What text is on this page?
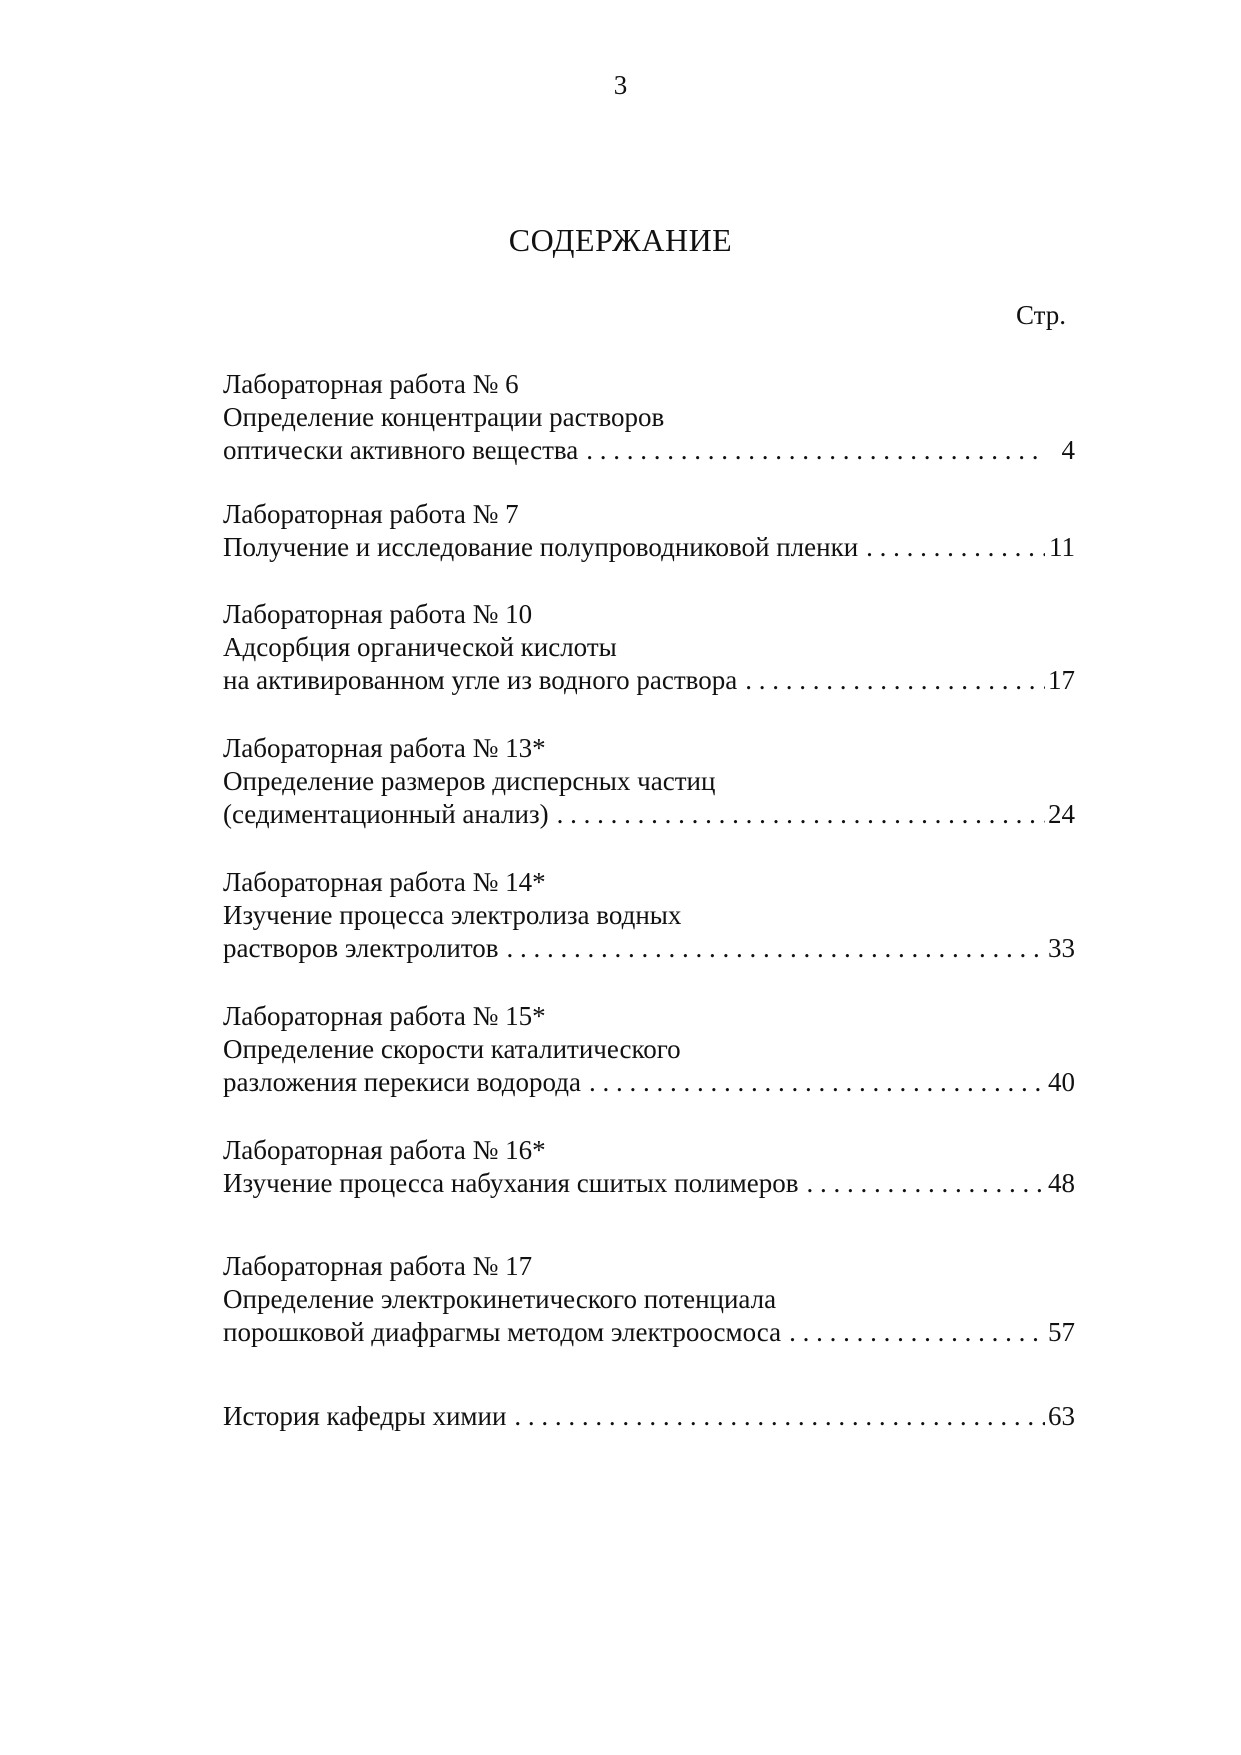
3
СОДЕРЖАНИЕ
Стр.
Лабораторная работа № 6
Определение концентрации растворов
оптически активного вещества . . .	4
Лабораторная работа № 7
Получение и исследование полупроводниковой пленки . . .	11
Лабораторная работа № 10
Адсорбция органической кислоты
на активированном угле из водного раствора . . .	17
Лабораторная работа № 13*
Определение размеров дисперсных частиц
(седиментационный анализ) . . .	24
Лабораторная работа № 14*
Изучение процесса электролиза водных
растворов электролитов . . .	33
Лабораторная работа № 15*
Определение скорости каталитического
разложения перекиси водорода . . .	40
Лабораторная работа № 16*
Изучение процесса набухания сшитых полимеров . . .	48
Лабораторная работа № 17
Определение электрокинетического потенциала
порошковой диафрагмы методом электроосмоса . . .	57
История кафедры химии . . .	63
